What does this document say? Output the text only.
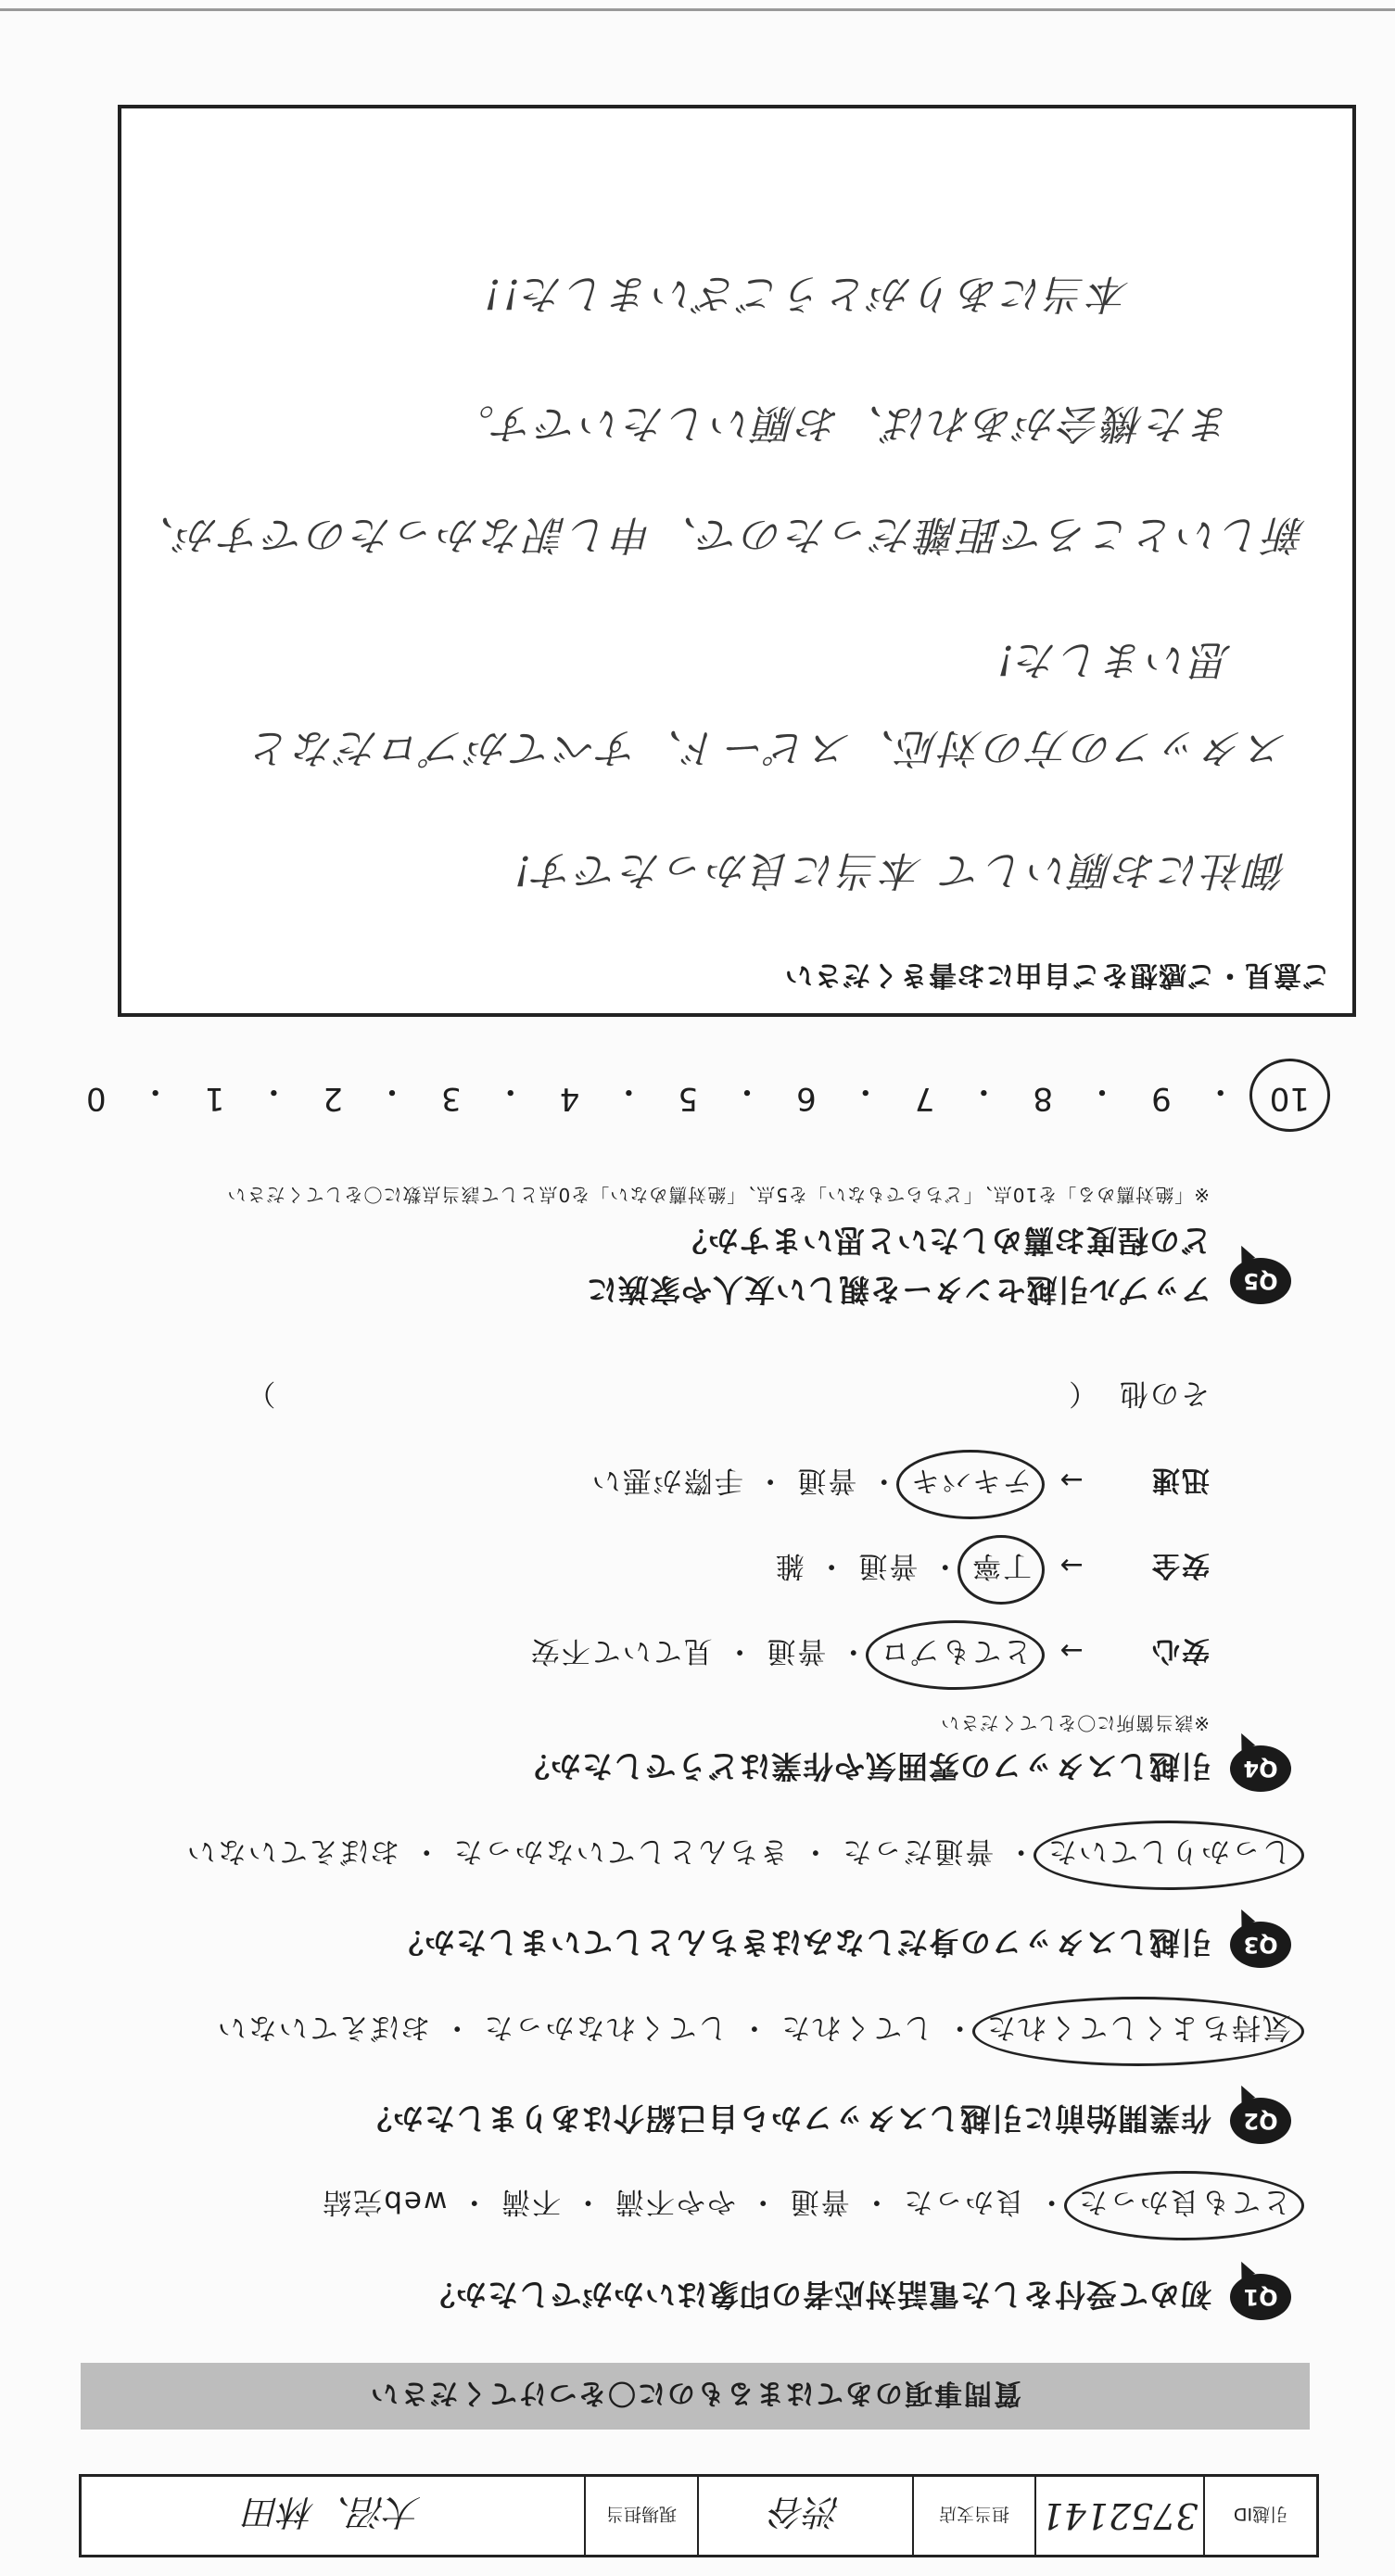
引越ID
3752141
担当支店
渋谷
現場担当
大沼、林田
質問事項のあてはまるものに〇をつけてください
Q1
初めて受付をした電話対応者の印象はいかがでしたか？
とても良かった ・ 良かった ・ 普通 ・ やや不満 ・ 不満 ・ web完結
Q2
作業開始前に引越しスタッフから自己紹介はありましたか？
気持ちよくしてくれた ・ してくれた ・ してくれなかった ・ おぼえていない
Q3
引越しスタッフの身だしなみはきちんとしていましたか？
しっかりしていた ・ 普通だった ・ きちんとしていなかった ・ おぼえていない
Q4
引越しスタッフの雰囲気や作業はどうでしたか？
※該当箇所に〇をしてください
安心→ とてもプロ ・ 普通 ・ 見ていて不安
安全→ 丁寧 ・ 普通 ・ 雑
迅速→ テキパキ ・ 普通 ・ 手際が悪い
その他 （  ）
Q5
アップル引越センターを親しい友人や家族に
どの程度お薦めしたいと思いますか？
※「絶対薦める」を10点、「どちらでもない」を5点、「絶対薦めない」を0点として該当点数に〇をしてください
10
・
9
・
8
・
7
・
6
・
5
・
4
・
3
・
2
・
1
・
0
ご意見・ご感想をご自由にお書きください
御社にお願いして 本当に良かったです!
スタッフの方の対応、スピード、すべてがプロだなと
思いました!
新しいところで距離だったので、申し訳なかったのですが、
また機会があれば、お願いしたいです。
本当にありがとうございました!!
